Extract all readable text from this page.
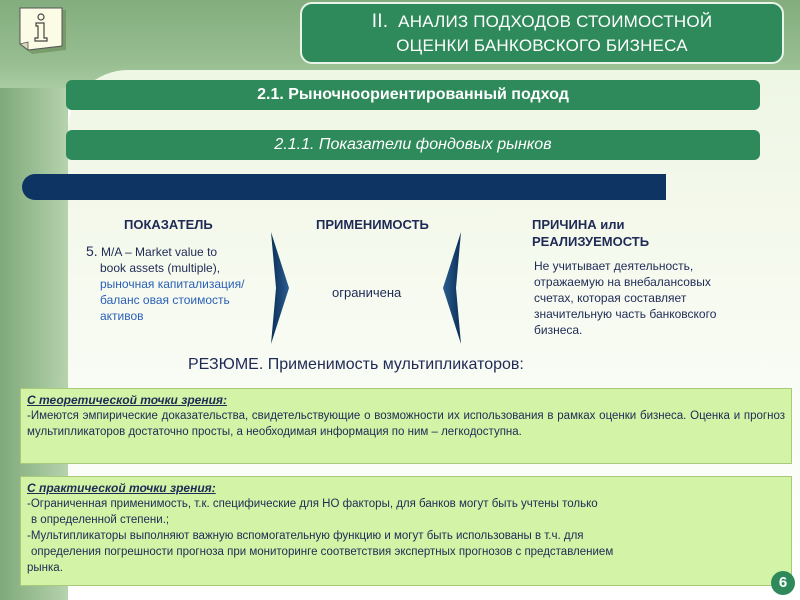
II. АНАЛИЗ ПОДХОДОВ СТОИМОСТНОЙ
ОЦЕНКИ БАНКОВСКОГО БИЗНЕСА
2.1. Рыночноориентированный подход
2.1.1. Показатели фондовых рынков
ПОКАЗАТЕЛЬ	ПРИМЕНИМОСТЬ	ПРИЧИНА или РЕАЛИЗУЕМОСТЬ
5. M/A – Market value to
book assets (multiple),
рыночная капитализация/баланс овая стоимость активов
ограничена
Не учитывает деятельность, отражаемую на внебалансовых счетах, которая составляет значительную часть банковского бизнеса.
РЕЗЮМЕ. Применимость мультипликаторов:
С теоретической точки зрения:

-Имеются эмпирические доказательства, свидетельствующие о возможности их использования в рамках оценки бизнеса. Оценка и прогноз мультипликаторов достаточно просты, а необходимая информация по ним – легкодоступна.

С практической точки зрения:
-Ограниченная применимость, т.к. специфические для НО факторы, для банков могут быть учтены только
в определенной степени.;
-Мультипликаторы выполняют важную вспомогательную функцию и могут быть использованы в т.ч. для
определения погрешности прогноза при мониторинге соответствия экспертных прогнозов с представлением
рынка.
6
